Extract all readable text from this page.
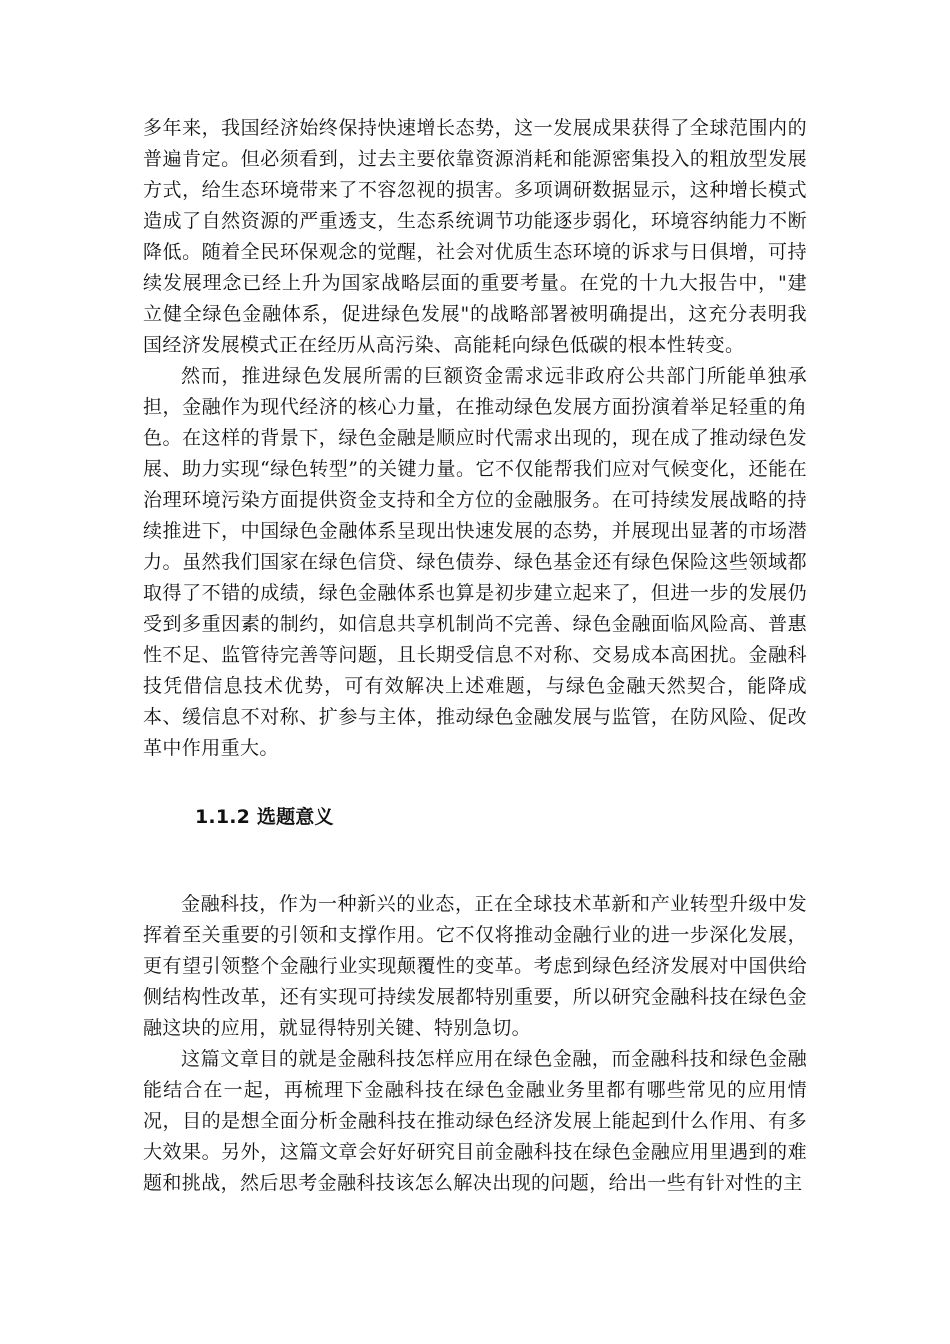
多年来，我国经济始终保持快速增长态势，这一发展成果获得了全球范围内的普遍肯定。但必须看到，过去主要依靠资源消耗和能源密集投入的粗放型发展方式，给生态环境带来了不容忽视的损害。多项调研数据显示，这种增长模式造成了自然资源的严重透支，生态系统调节功能逐步弱化，环境容纳能力不断降低。随着全民环保观念的觉醒，社会对优质生态环境的诉求与日俱增，可持续发展理念已经上升为国家战略层面的重要考量。在党的十九大报告中，"建立健全绿色金融体系，促进绿色发展"的战略部署被明确提出，这充分表明我国经济发展模式正在经历从高污染、高能耗向绿色低碳的根本性转变。

然而，推进绿色发展所需的巨额资金需求远非政府公共部门所能单独承担，金融作为现代经济的核心力量，在推动绿色发展方面扮演着举足轻重的角色。在这样的背景下，绿色金融是顺应时代需求出现的，现在成了推动绿色发展、助力实现“绿色转型”的关键力量。它不仅能帮我们应对气候变化，还能在治理环境污染方面提供资金支持和全方位的金融服务。在可持续发展战略的持续推进下，中国绿色金融体系呈现出快速发展的态势，并展现出显著的市场潜力。虽然我们国家在绿色信贷、绿色债券、绿色基金还有绿色保险这些领域都取得了不错的成绩，绿色金融体系也算是初步建立起来了，但进一步的发展仍受到多重因素的制约，如信息共享机制尚不完善、绿色金融面临风险高、普惠性不足、监管待完善等问题，且长期受信息不对称、交易成本高困扰。金融科技凭借信息技术优势，可有效解决上述难题，与绿色金融天然契合，能降成本、缓信息不对称、扩参与主体，推动绿色金融发展与监管，在防风险、促改革中作用重大。

1.1.2 选题意义

金融科技，作为一种新兴的业态，正在全球技术革新和产业转型升级中发挥着至关重要的引领和支撑作用。它不仅将推动金融行业的进一步深化发展，更有望引领整个金融行业实现颠覆性的变革。考虑到绿色经济发展对中国供给侧结构性改革，还有实现可持续发展都特别重要，所以研究金融科技在绿色金融这块的应用，就显得特别关键、特别急切。

这篇文章目的就是金融科技怎样应用在绿色金融，而金融科技和绿色金融能结合在一起，再梳理下金融科技在绿色金融业务里都有哪些常见的应用情况，目的是想全面分析金融科技在推动绿色经济发展上能起到什么作用、有多大效果。另外，这篇文章会好好研究目前金融科技在绿色金融应用里遇到的难题和挑战，然后思考金融科技该怎么解决出现的问题，给出一些有针对性的主
